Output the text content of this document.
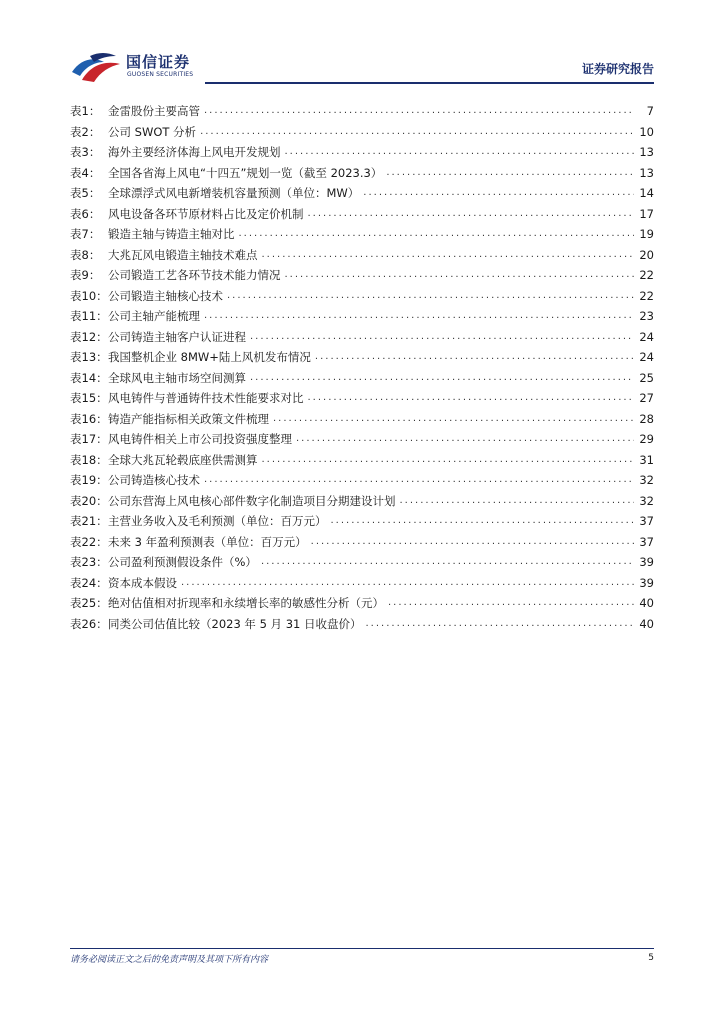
国信证券
GUOSEN SECURITIES	证券研究报告
表1： 金雷股份主要高管 .....	7
表2： 公司 SWOT 分析 .....	10
表3： 海外主要经济体海上风电开发规划 .....	13
表4： 全国各省海上风电“十四五”规划一览（截至 2023.3） .....	13
表5： 全球漂浮式风电新增装机容量预测（单位：MW） .....	14
表6： 风电设备各环节原材料占比及定价机制 .....	17
表7： 锻造主轴与铸造主轴对比 .....	19
表8： 大兆瓦风电锻造主轴技术难点 .....	20
表9： 公司锻造工艺各环节技术能力情况 .....	22
表10： 公司锻造主轴核心技术 .....	22
表11： 公司主轴产能梳理 .....	23
表12： 公司铸造主轴客户认证进程 .....	24
表13： 我国整机企业 8MW+陆上风机发布情况 .....	24
表14： 全球风电主轴市场空间测算 .....	25
表15： 风电铸件与普通铸件技术性能要求对比 .....	27
表16： 铸造产能指标相关政策文件梳理 .....	28
表17： 风电铸件相关上市公司投资强度整理 .....	29
表18： 全球大兆瓦轮毂底座供需测算 .....	31
表19： 公司铸造核心技术 .....	32
表20： 公司东营海上风电核心部件数字化制造项目分期建设计划 .....	32
表21： 主营业务收入及毛利预测（单位：百万元） .....	37
表22： 未来 3 年盈利预测表（单位：百万元） .....	37
表23： 公司盈利预测假设条件（%） .....	39
表24： 资本成本假设 .....	39
表25： 绝对估值相对折现率和永续增长率的敏感性分析（元） .....	40
表26： 同类公司估值比较（2023 年 5 月 31 日收盘价） .....	40
请务必阅读正文之后的免责声明及其项下所有内容	5
